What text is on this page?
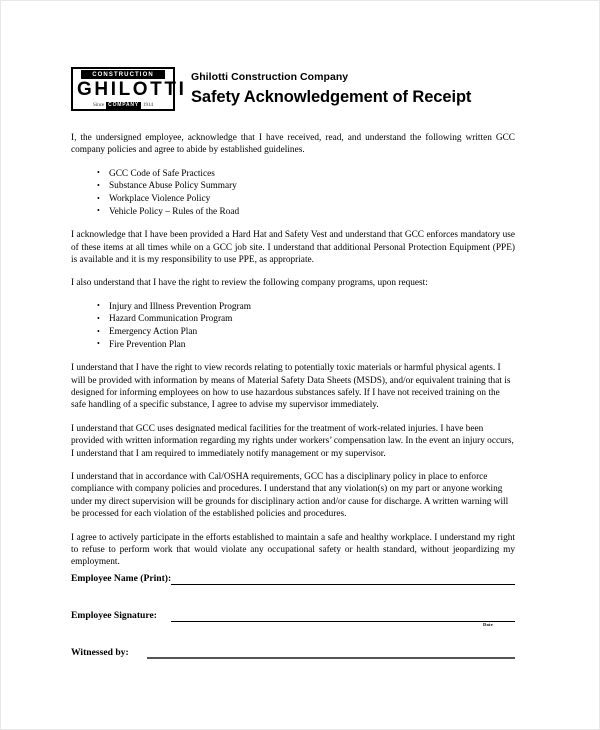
CONSTRUCTION
GHILOTTI
Since COMPANY 1914
Ghilotti Construction Company
Safety Acknowledgement of Receipt

I, the undersigned employee, acknowledge that I have received, read, and understand the following written GCC company policies and agree to abide by established guidelines.

• GCC Code of Safe Practices
• Substance Abuse Policy Summary
• Workplace Violence Policy
• Vehicle Policy – Rules of the Road

I acknowledge that I have been provided a Hard Hat and Safety Vest and understand that GCC enforces mandatory use of these items at all times while on a GCC job site. I understand that additional Personal Protection Equipment (PPE) is available and it is my responsibility to use PPE, as appropriate.

I also understand that I have the right to review the following company programs, upon request:

• Injury and Illness Prevention Program
• Hazard Communication Program
• Emergency Action Plan
• Fire Prevention Plan

I understand that I have the right to view records relating to potentially toxic materials or harmful physical agents. I will be provided with information by means of Material Safety Data Sheets (MSDS), and/or equivalent training that is designed for informing employees on how to use hazardous substances safely. If I have not received training on the safe handling of a specific substance, I agree to advise my supervisor immediately.

I understand that GCC uses designated medical facilities for the treatment of work-related injuries. I have been provided with written information regarding my rights under workers’ compensation law. In the event an injury occurs, I understand that I am required to immediately notify management or my supervisor.

I understand that in accordance with Cal/OSHA requirements, GCC has a disciplinary policy in place to enforce compliance with company policies and procedures. I understand that any violation(s) on my part or anyone working under my direct supervision will be grounds for disciplinary action and/or cause for discharge. A written warning will be processed for each violation of the established policies and procedures.

I agree to actively participate in the efforts established to maintain a safe and healthy workplace. I understand my right to refuse to perform work that would violate any occupational safety or health standard, without jeopardizing my employment.

Employee Name (Print):
Employee Signature:
Date
Witnessed by:
